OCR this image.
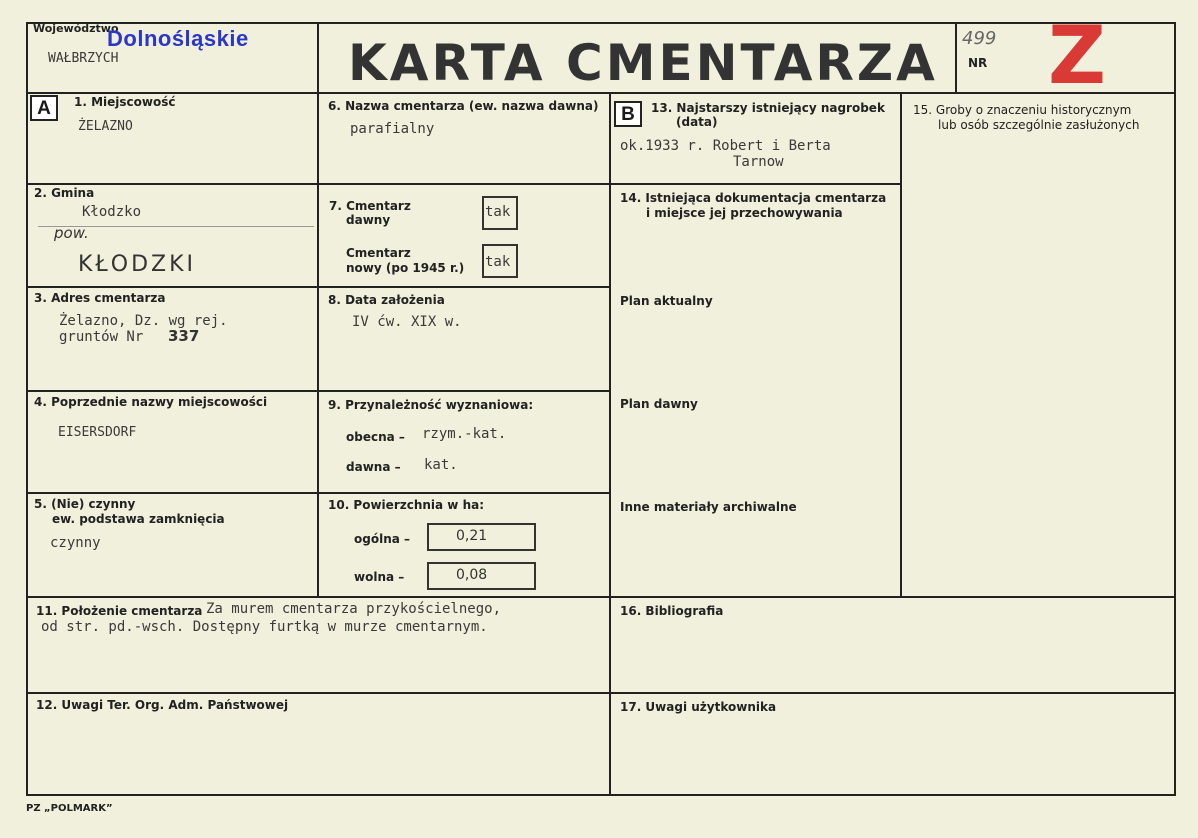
Województwo
Dolnośląskie
WAŁBRZYCH	KARTA CMENTARZA 499
NR Z
A	B
1. Miejscowość
ŻELAZNO
2. Gmina
Kłodzko
pow.
KŁODZKI
3. Adres cmentarza
Żelazno, Dz. wg rej.
gruntów Nr 337
4. Poprzednie nazwy miejscowości
EISERSDORF
5. (Nie) czynny
ew. podstawa zamknięcia
czynny
6. Nazwa cmentarza (ew. nazwa dawna)
parafialny
7. Cmentarz
dawny	tak
Cmentarz
nowy (po 1945 r.) tak
8. Data założenia
IV ćw. XIX w.
9. Przynależność wyznaniowa:
obecna – rzym.-kat.
dawna – kat.
10. Powierzchnia w ha:
ogólna –	0,21
wolna –	0,08
11. Położenie cmentarza Za murem cmentarza przykościelnego,
od str. pd.-wsch. Dostępny furtką w murze cmentarnym.
12. Uwagi Ter. Org. Adm. Państwowej
13. Najstarszy istniejący nagrobek
(data)
ok.1933 r. Robert i Berta
Tarnow
14. Istniejąca dokumentacja cmentarza
i miejsce jej przechowywania
Plan aktualny
Plan dawny
Inne materiały archiwalne
15. Groby o znaczeniu historycznym
lub osób szczególnie zasłużonych
16. Bibliografia
17. Uwagi użytkownika
PZ „POLMARK”
